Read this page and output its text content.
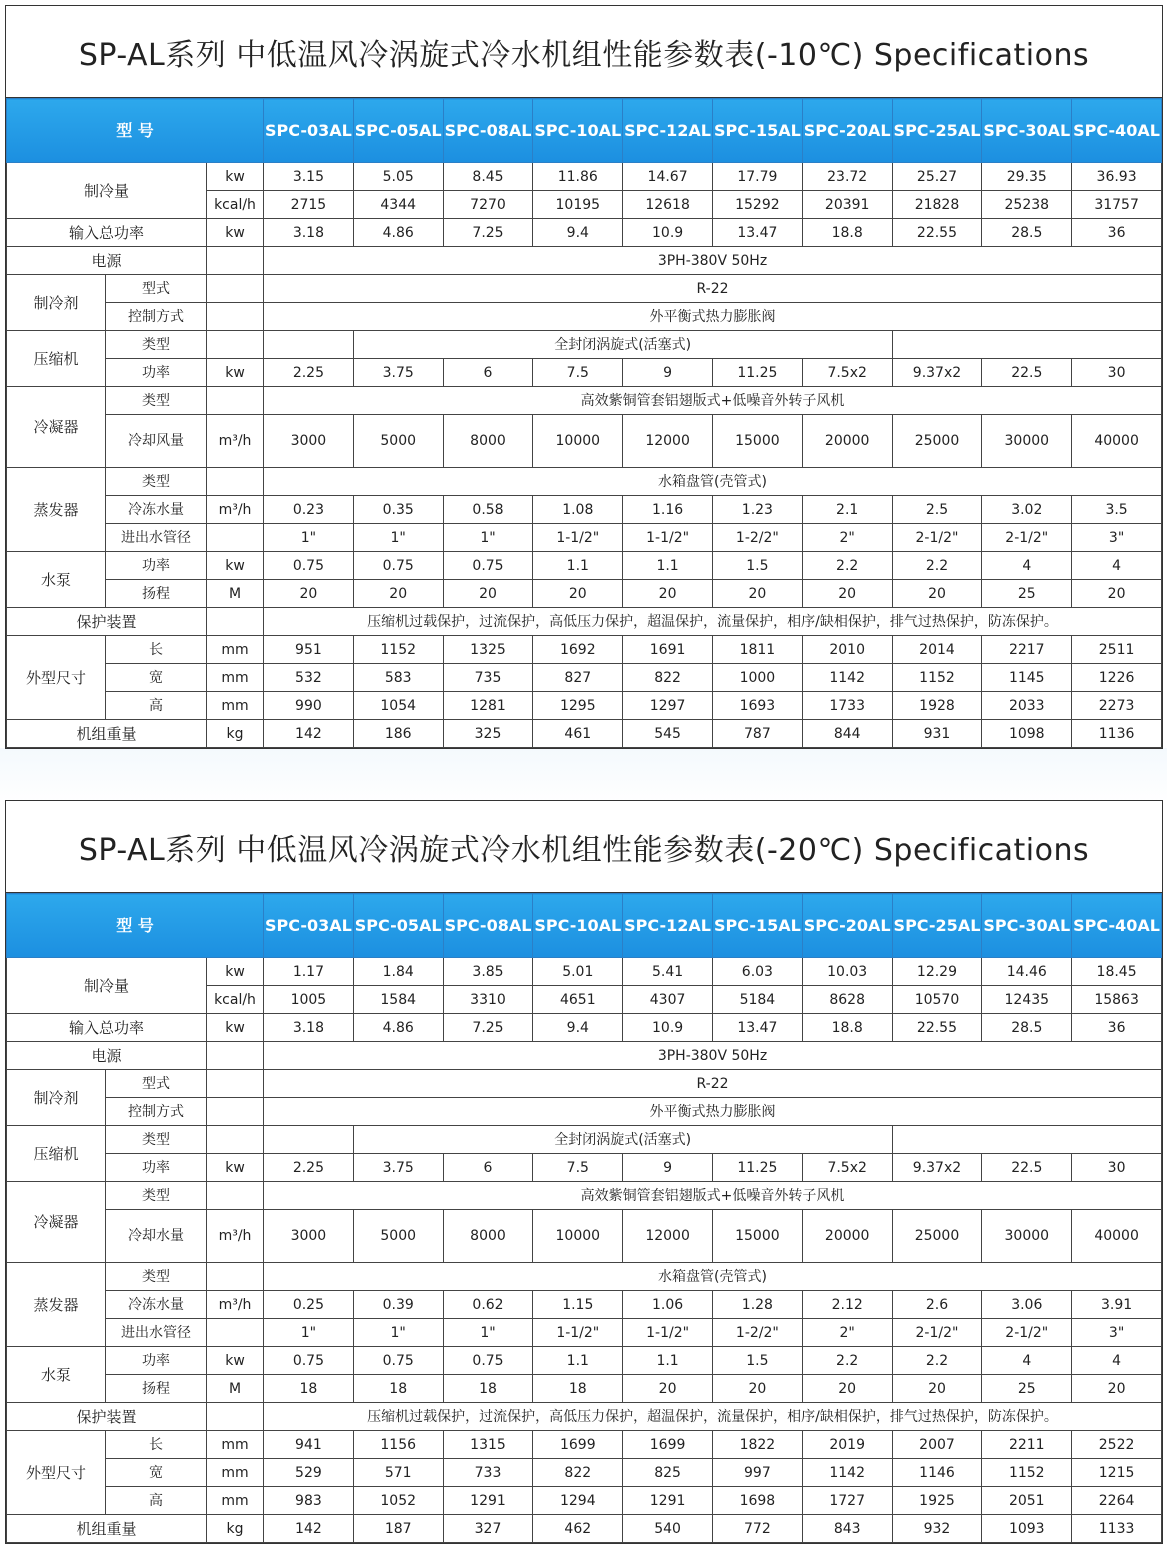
SP-AL系列 中低温风冷涡旋式冷水机组性能参数表(-10℃) Specifications
型 号			SPC-03AL	SPC-05AL	SPC-08AL	SPC-10AL	SPC-12AL	SPC-15AL	SPC-20AL	SPC-25AL	SPC-30AL	SPC-40AL
制冷量		kw	3.15	5.05	8.45	11.86	14.67	17.79	23.72	25.27	29.35	36.93
		kcal/h	2715	4344	7270	10195	12618	15292	20391	21828	25238	31757
输入总功率		kw	3.18	4.86	7.25	9.4	10.9	13.47	18.8	22.55	28.5	36
电源			3PH-380V 50Hz									
制冷剂	型式		R-22									
	控制方式		外平衡式热力膨胀阀									
压缩机	类型			全封闭涡旋式(活塞式)								
	功率	kw	2.25	3.75	6	7.5	9	11.25	7.5x2	9.37x2	22.5	30
冷凝器	类型		高效紫铜管套铝翅版式+低噪音外转子风机									
	冷却风量	m³/h	3000	5000	8000	10000	12000	15000	20000	25000	30000	40000
蒸发器	类型		水箱盘管(壳管式)									
	冷冻水量	m³/h	0.23	0.35	0.58	1.08	1.16	1.23	2.1	2.5	3.02	3.5
	进出水管径		1"	1"	1"	1-1/2"	1-1/2"	1-2/2"	2"	2-1/2"	2-1/2"	3"
水泵	功率	kw	0.75	0.75	0.75	1.1	1.1	1.5	2.2	2.2	4	4
	扬程	M	20	20	20	20	20	20	20	20	25	20
保护装置			压缩机过载保护，过流保护，高低压力保护，超温保护，流量保护，相序/缺相保护，排气过热保护，防冻保护。									
外型尺寸	长	mm	951	1152	1325	1692	1691	1811	2010	2014	2217	2511
	宽	mm	532	583	735	827	822	1000	1142	1152	1145	1226
	高	mm	990	1054	1281	1295	1297	1693	1733	1928	2033	2273
机组重量		kg	142	186	325	461	545	787	844	931	1098	1136
SP-AL系列 中低温风冷涡旋式冷水机组性能参数表(-20℃) Specifications
型 号			SPC-03AL	SPC-05AL	SPC-08AL	SPC-10AL	SPC-12AL	SPC-15AL	SPC-20AL	SPC-25AL	SPC-30AL	SPC-40AL
制冷量		kw	1.17	1.84	3.85	5.01	5.41	6.03	10.03	12.29	14.46	18.45
		kcal/h	1005	1584	3310	4651	4307	5184	8628	10570	12435	15863
输入总功率		kw	3.18	4.86	7.25	9.4	10.9	13.47	18.8	22.55	28.5	36
电源			3PH-380V 50Hz									
制冷剂	型式		R-22									
	控制方式		外平衡式热力膨胀阀									
压缩机	类型			全封闭涡旋式(活塞式)								
	功率	kw	2.25	3.75	6	7.5	9	11.25	7.5x2	9.37x2	22.5	30
冷凝器	类型		高效紫铜管套铝翅版式+低噪音外转子风机									
	冷却水量	m³/h	3000	5000	8000	10000	12000	15000	20000	25000	30000	40000
蒸发器	类型		水箱盘管(壳管式)									
	冷冻水量	m³/h	0.25	0.39	0.62	1.15	1.06	1.28	2.12	2.6	3.06	3.91
	进出水管径		1"	1"	1"	1-1/2"	1-1/2"	1-2/2"	2"	2-1/2"	2-1/2"	3"
水泵	功率	kw	0.75	0.75	0.75	1.1	1.1	1.5	2.2	2.2	4	4
	扬程	M	18	18	18	18	20	20	20	20	25	20
保护装置			压缩机过载保护，过流保护，高低压力保护，超温保护，流量保护，相序/缺相保护，排气过热保护，防冻保护。									
外型尺寸	长	mm	941	1156	1315	1699	1699	1822	2019	2007	2211	2522
	宽	mm	529	571	733	822	825	997	1142	1146	1152	1215
	高	mm	983	1052	1291	1294	1291	1698	1727	1925	2051	2264
机组重量		kg	142	187	327	462	540	772	843	932	1093	1133
